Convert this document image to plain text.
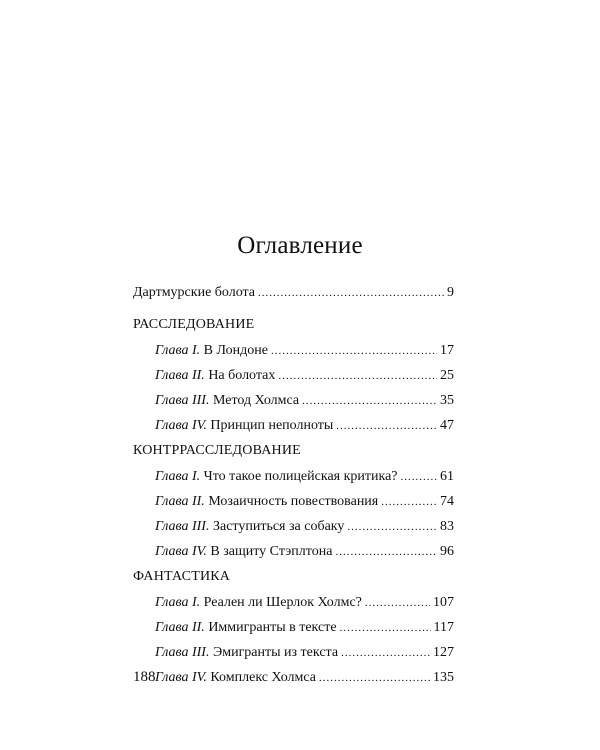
Оглавление
Дартмурские болота .....	9
РАССЛЕДОВАНИЕ
Глава I. В Лондоне .....	17
Глава II. На болотах .....	25
Глава III. Метод Холмса .....	35
Глава IV. Принцип неполноты .....	47
КОНТРРАССЛЕДОВАНИЕ
Глава I. Что такое полицейская критика? .....	61
Глава II. Мозаичность повествования .....	74
Глава III. Заступиться за собаку .....	83
Глава IV. В защиту Стэплтона .....	96
ФАНТАСТИКА
Глава I. Реален ли Шерлок Холмс? .....	107
Глава II. Иммигранты в тексте .....	117
Глава III. Эмигранты из текста .....	127
Глава IV. Комплекс Холмса .....	135
188
